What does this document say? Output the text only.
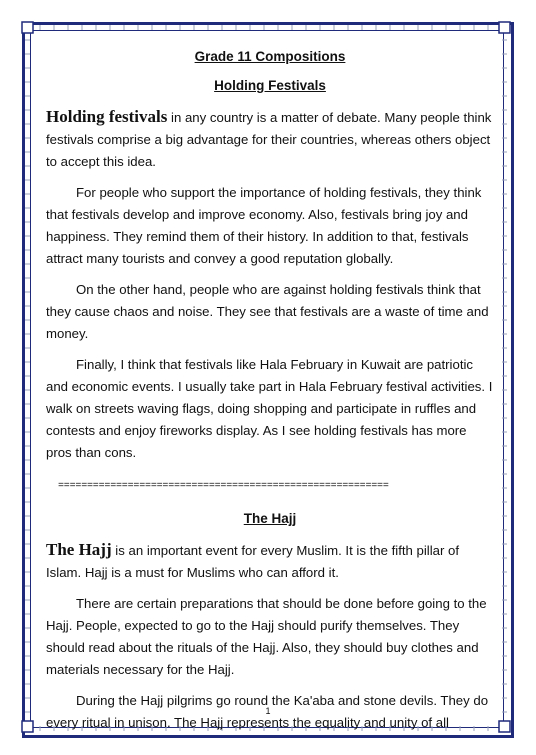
Grade 11 Compositions

Holding Festivals

Holding festivals in any country is a matter of debate. Many people think festivals comprise a big advantage for their countries, whereas others object to accept this idea.

For people who support the importance of holding festivals, they think that festivals develop and improve economy. Also, festivals bring joy and happiness. They remind them of their history. In addition to that, festivals attract many tourists and convey a good reputation globally.

On the other hand, people who are against holding festivals think that they cause chaos and noise. They see that festivals are a waste of time and money.

Finally, I think that festivals like Hala February in Kuwait are patriotic and economic events. I usually take part in Hala February festival activities. I walk on streets waving flags, doing shopping and participate in ruffles and contests and enjoy fireworks display. As I see holding festivals has more pros than cons.

=========================================================

The Hajj

The Hajj is an important event for every Muslim. It is the fifth pillar of Islam. Hajj is a must for Muslims who can afford it.

There are certain preparations that should be done before going to the Hajj. People, expected to go to the Hajj should purify themselves. They should read about the rituals of the Hajj. Also, they should buy clothes and materials necessary for the Hajj.

During the Hajj pilgrims go round the Ka'aba and stone devils. They do every ritual in unison. The Hajj represents the equality and unity of all

1
